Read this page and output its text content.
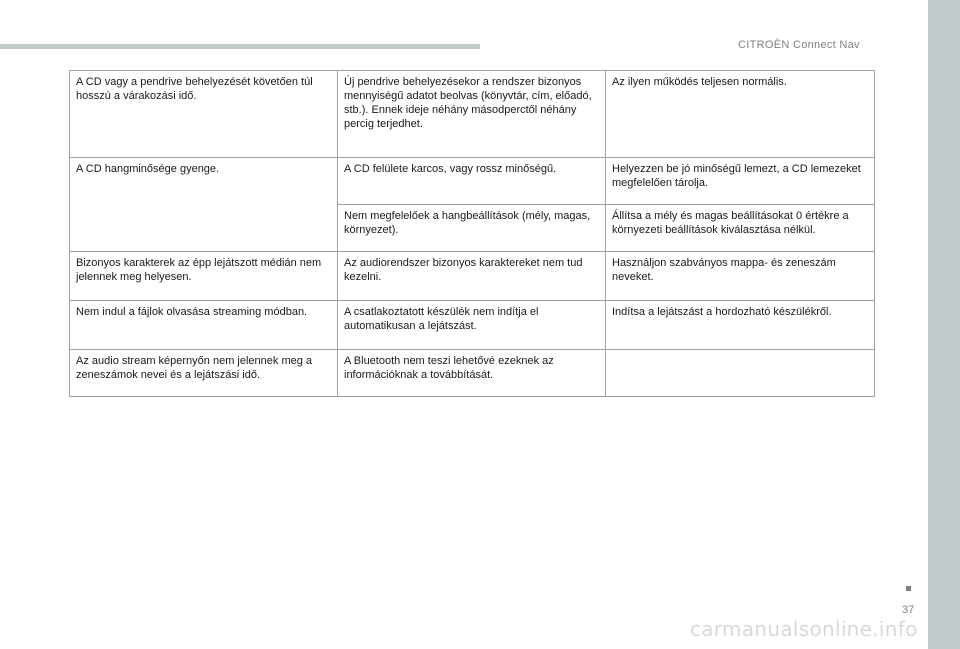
CITROËN Connect Nav
A CD vagy a pendrive behelyezését követően túl hosszú a várakozási idő.	Új pendrive behelyezésekor a rendszer bizonyos mennyiségű adatot beolvas (könyvtár, cím, előadó, stb.). Ennek ideje néhány másodperctől néhány percig terjedhet.	Az ilyen működés teljesen normális.

A CD hangminősége gyenge.	A CD felülete karcos, vagy rossz minőségű.	Helyezzen be jó minőségű lemezt, a CD lemezeket megfelelően tárolja.

	Nem megfelelőek a hangbeállítások (mély, magas, környezet).	Állítsa a mély és magas beállításokat 0 értékre a környezeti beállítások kiválasztása nélkül.

Bizonyos karakterek az épp lejátszott médián nem jelennek meg helyesen.	Az audiorendszer bizonyos karaktereket nem tud kezelni.	Használjon szabványos mappa- és zeneszám neveket.

Nem indul a fájlok olvasása streaming módban.	A csatlakoztatott készülék nem indítja el automatikusan a lejátszást.	Indítsa a lejátszást a hordozható készülékről.

Az audio stream képernyőn nem jelennek meg a zeneszámok nevei és a lejátszási idő.	A Bluetooth nem teszi lehetővé ezeknek az információknak a továbbítását.	

37
carmanualsonline.info
